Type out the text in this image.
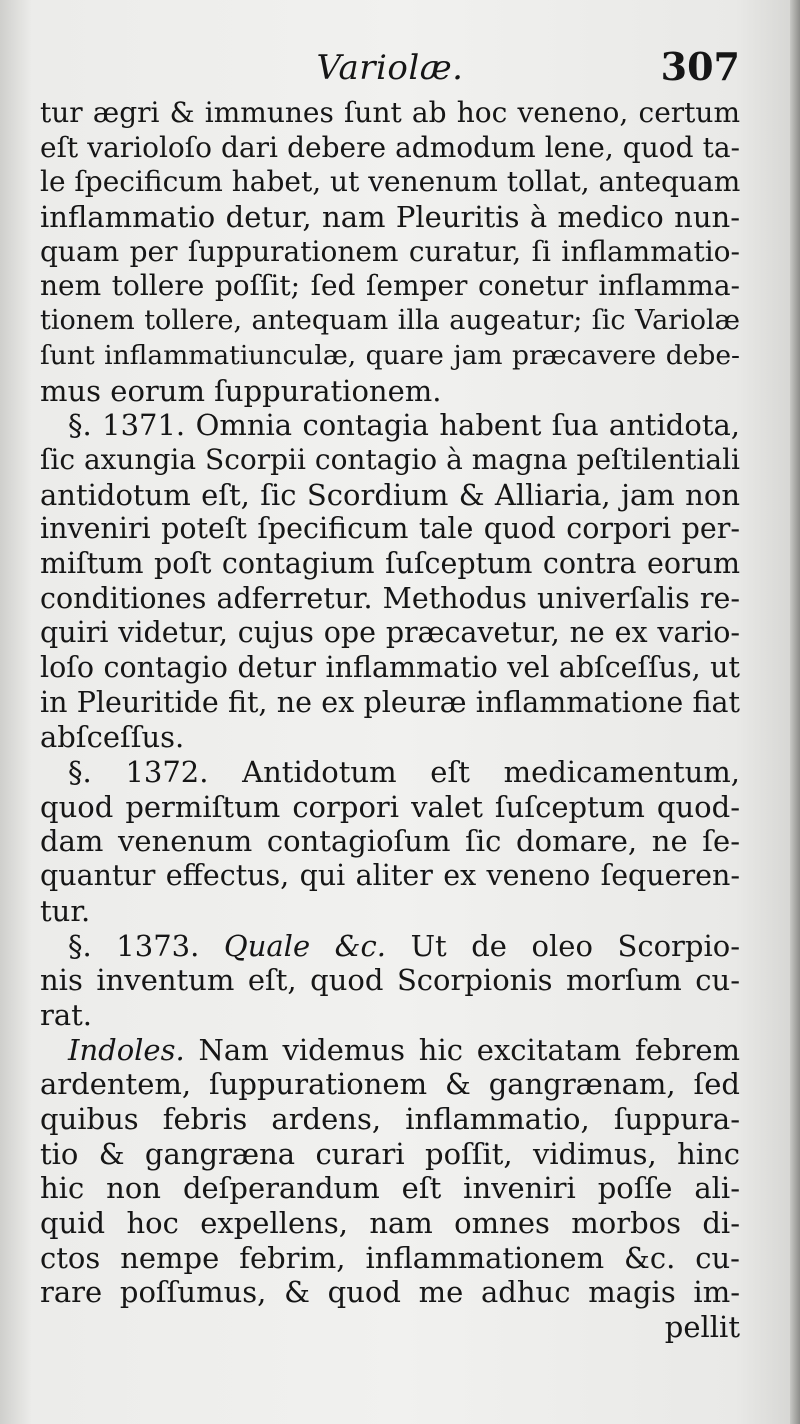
Variolæ.	307
tur ægri & immunes ſunt ab hoc veneno, certum
eſt varioloſo dari debere admodum lene, quod ta-
le ſpecificum habet, ut venenum tollat, antequam
inflammatio detur, nam Pleuritis à medico nun-
quam per ſuppurationem curatur, ſi inflammatio-
nem tollere poſſit; ſed ſemper conetur inflamma-
tionem tollere, antequam illa augeatur; ſic Variolæ
ſunt inflammatiunculæ, quare jam præcavere debe-
mus eorum ſuppurationem.
§. 1371. Omnia contagia habent ſua antidota,
ſic axungia Scorpii contagio à magna peſtilentiali
antidotum eſt, ſic Scordium & Alliaria, jam non
inveniri poteſt ſpecificum tale quod corpori per-
miſtum poſt contagium ſuſceptum contra eorum
conditiones adferretur. Methodus univerſalis re-
quiri videtur, cujus ope præcavetur, ne ex vario-
loſo contagio detur inflammatio vel abſceſſus, ut
in Pleuritide fit, ne ex pleuræ inflammatione fiat
abſceſſus.
§. 1372. Antidotum eſt medicamentum,
quod permiſtum corpori valet ſuſceptum quod-
dam venenum contagioſum ſic domare, ne ſe-
quantur effectus, qui aliter ex veneno ſequeren-
tur.
§. 1373. Quale &c. Ut de oleo Scorpio-
nis inventum eſt, quod Scorpionis morſum cu-
rat.
Indoles. Nam videmus hic excitatam febrem
ardentem, ſuppurationem & gangrænam, ſed
quibus febris ardens, inflammatio, ſuppura-
tio & gangræna curari poſſit, vidimus, hinc
hic non deſperandum eſt inveniri poſſe ali-
quid hoc expellens, nam omnes morbos di-
ctos nempe febrim, inflammationem &c. cu-
rare poſſumus, & quod me adhuc magis im-
pellit
